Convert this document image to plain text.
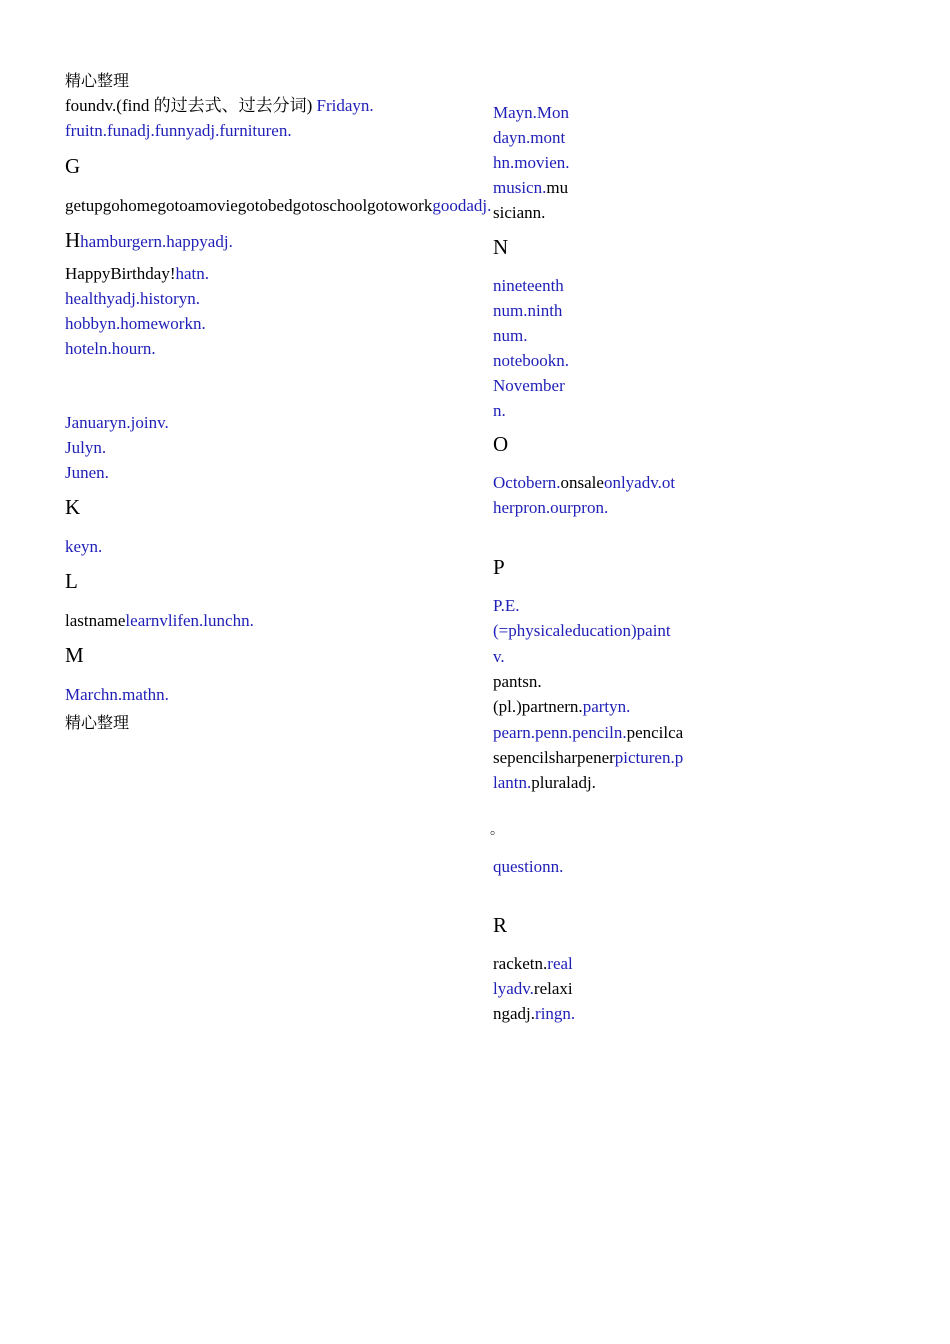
精心整理
foundv.(find 的过去式、过去分词) Fridayn.
fruitn.funadj.funnyadj.furnituren.
G
getupgohomegotoamoviegotobedgotoschoolgotoworkgoodadj.
Hhamburgern.happyadj.
HappyBirthday!hatn.
healthyadj.historyn.
hobbyn.homeworkn.
hoteln.hourn.
Januaryn.joinv.
Julyn.
Junen.
K
keyn.
L
lastnamelearnvlifen.lunchn.
M
Marchn.mathn.
精心整理
Mayn.Mon
dayn.mont
hn.movien.
musicn.mu
siciann.
N
nineteenth
num.ninth
num.
notebookn.
November
n.
O
Octobern.onsaleonlyadv.ot
herpron.ourpron.
P
P.E.
(=physicaleducation)paint
v.
pantsn.
(pl.)partnern.partyn.
pearn.penn.penciln.pencilca
sepencilsharpenerpicturen.p
lantn.pluraladj.
。
questionn.
R
racketn.real
lyadv.relaxi
ngadj.ringn.
